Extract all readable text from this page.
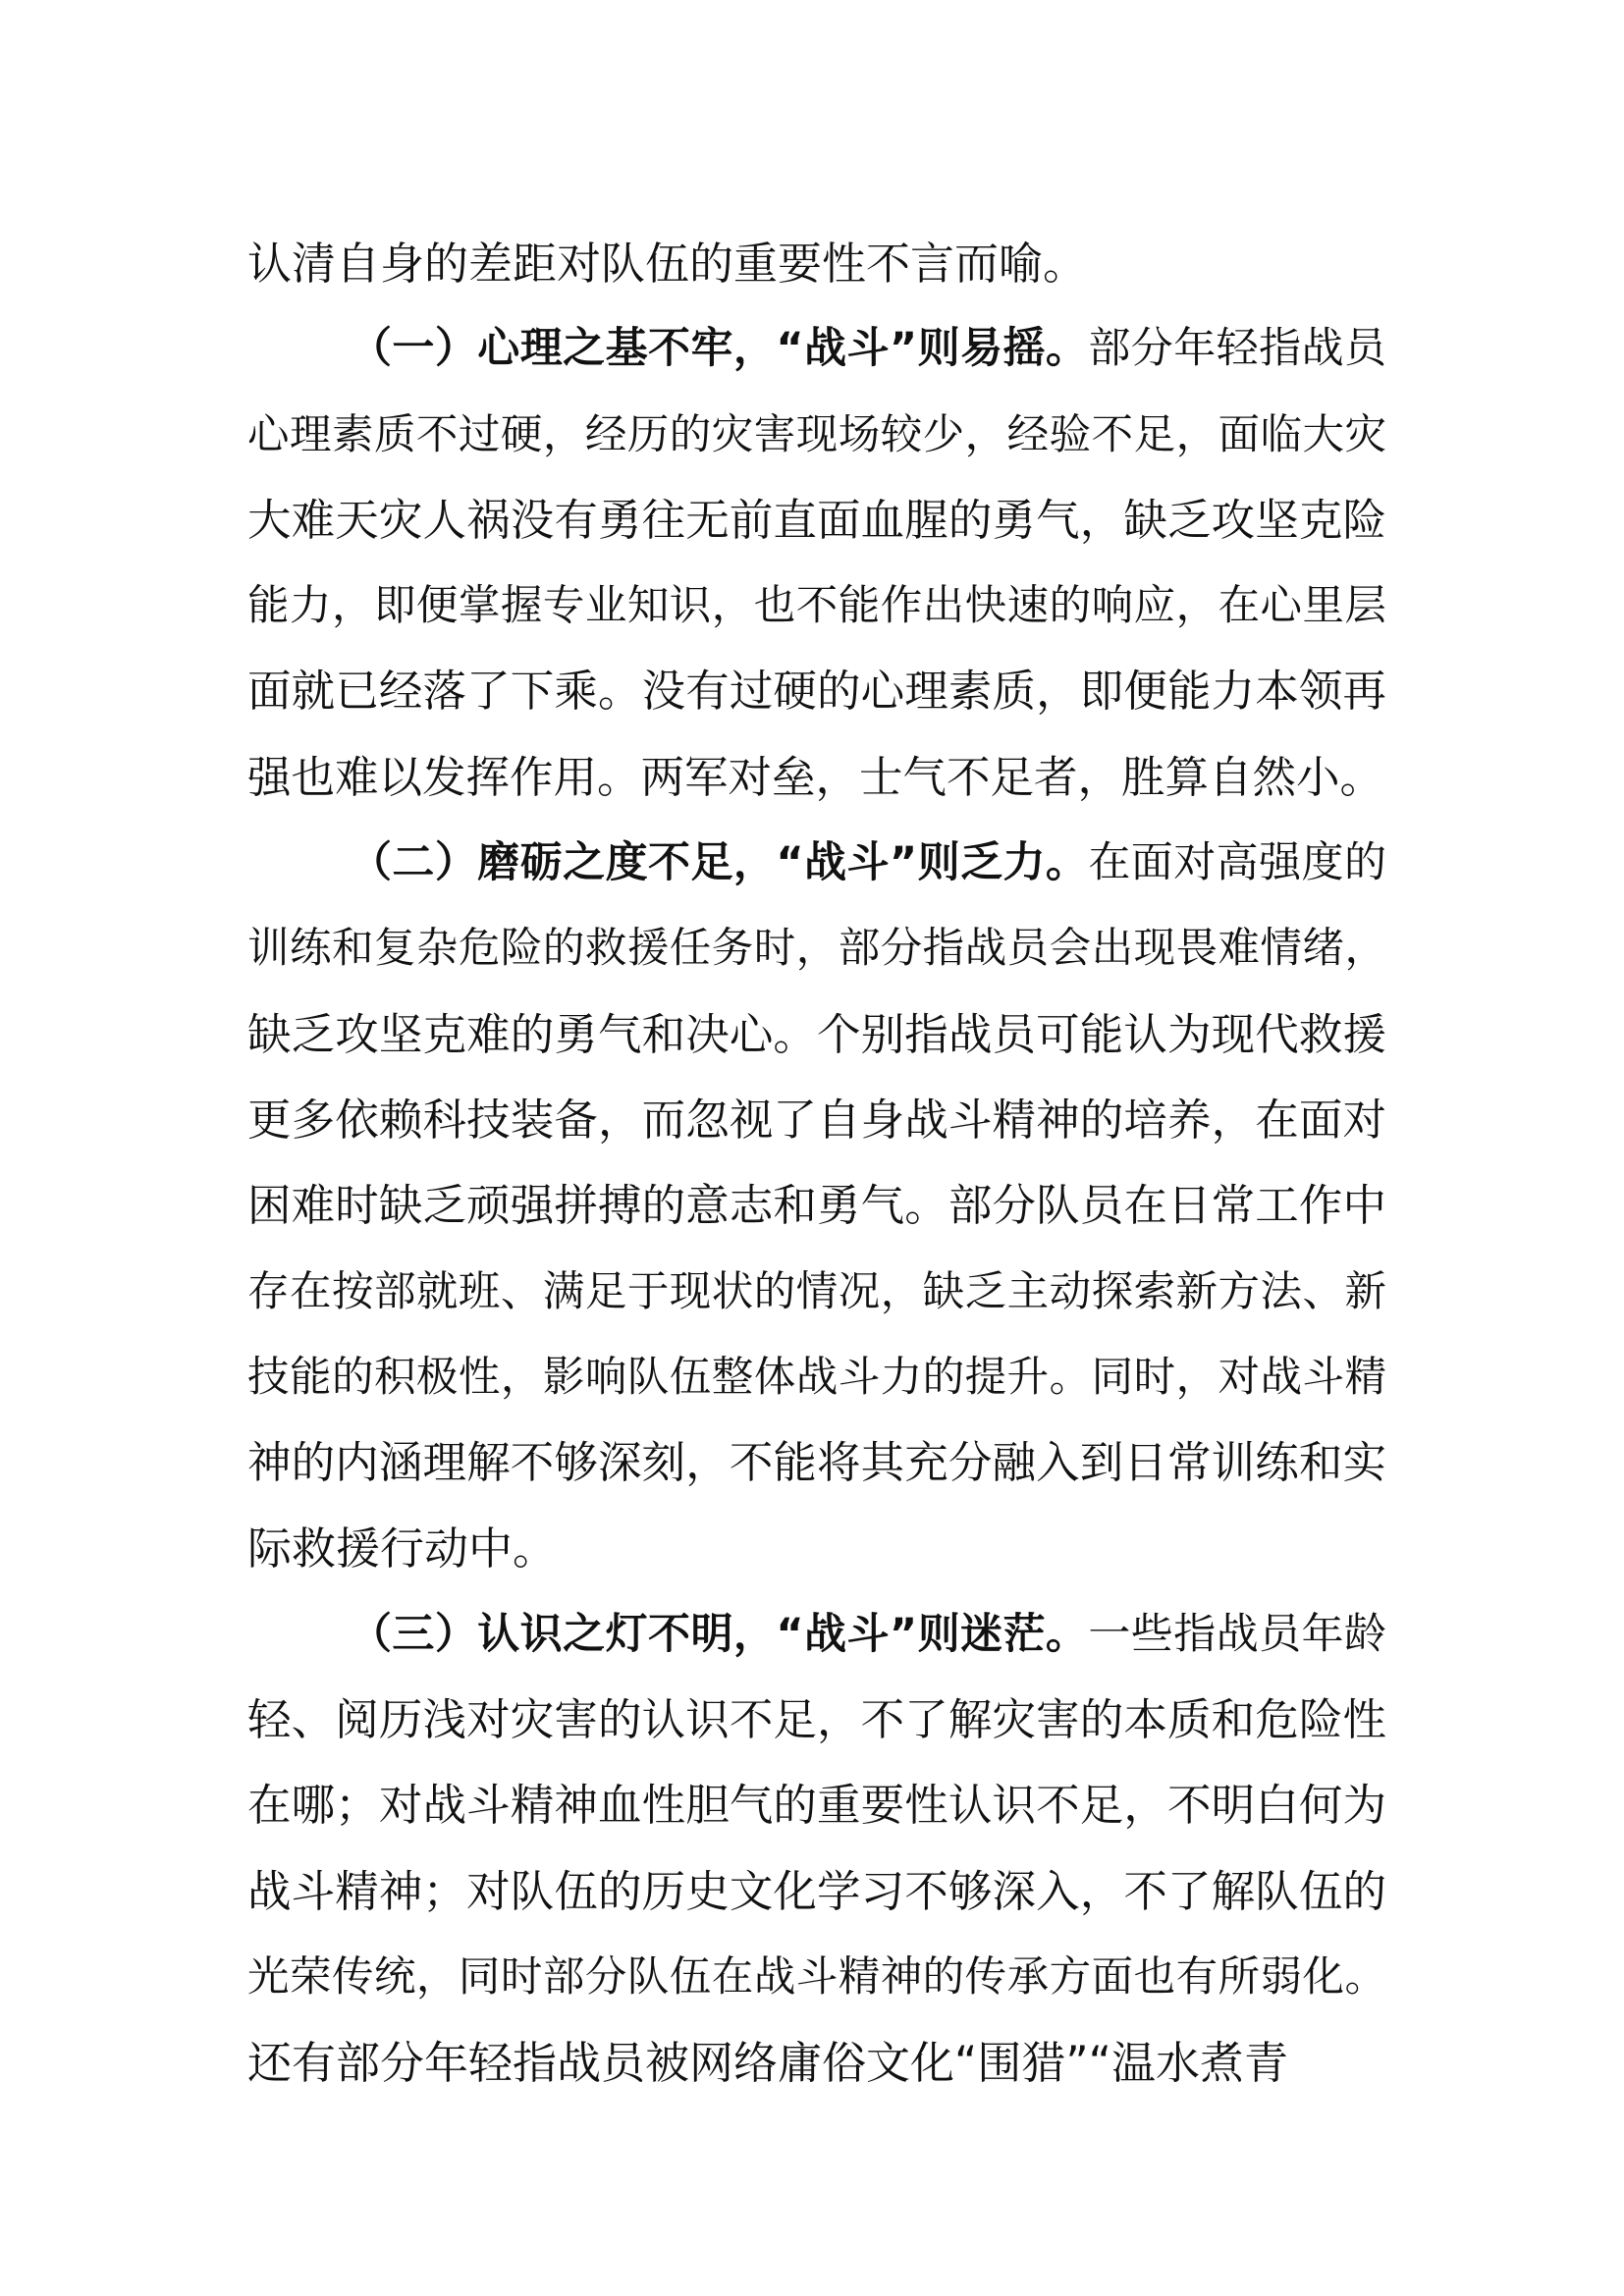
认清自身的差距对队伍的重要性不言而喻。
（一）心理之基不牢，“战斗”则易摇。部分年轻指战员
心理素质不过硬，经历的灾害现场较少，经验不足，面临大灾
大难天灾人祸没有勇往无前直面血腥的勇气，缺乏攻坚克险
能力，即便掌握专业知识，也不能作出快速的响应，在心里层
面就已经落了下乘。没有过硬的心理素质，即便能力本领再
强也难以发挥作用。两军对垒，士气不足者，胜算自然小。
（二）磨砺之度不足，“战斗”则乏力。在面对高强度的
训练和复杂危险的救援任务时，部分指战员会出现畏难情绪，
缺乏攻坚克难的勇气和决心。个别指战员可能认为现代救援
更多依赖科技装备，而忽视了自身战斗精神的培养，在面对
困难时缺乏顽强拼搏的意志和勇气。部分队员在日常工作中
存在按部就班、满足于现状的情况，缺乏主动探索新方法、新
技能的积极性，影响队伍整体战斗力的提升。同时，对战斗精
神的内涵理解不够深刻，不能将其充分融入到日常训练和实
际救援行动中。
（三）认识之灯不明，“战斗”则迷茫。一些指战员年龄
轻、阅历浅对灾害的认识不足，不了解灾害的本质和危险性
在哪；对战斗精神血性胆气的重要性认识不足，不明白何为
战斗精神；对队伍的历史文化学习不够深入，不了解队伍的
光荣传统，同时部分队伍在战斗精神的传承方面也有所弱化。
还有部分年轻指战员被网络庸俗文化“围猎”“温水煮青
